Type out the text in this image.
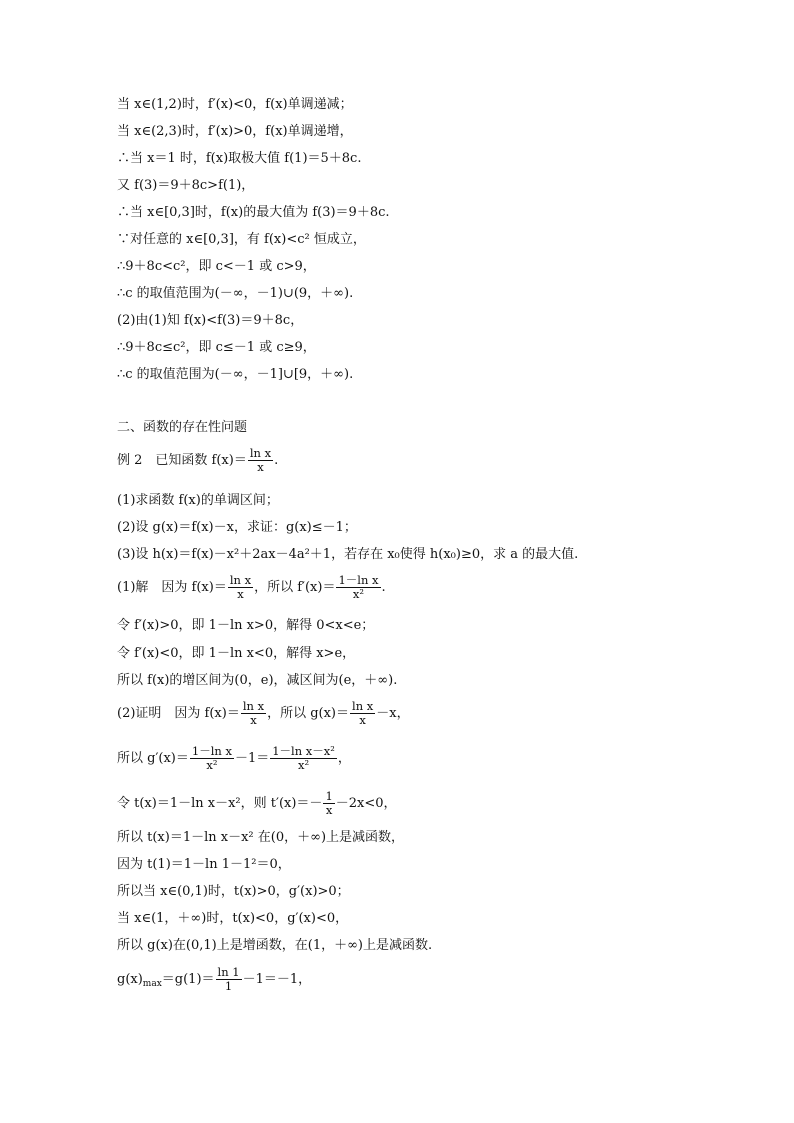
当 x∈(1,2)时，f′(x)<0，f(x)单调递减；
当 x∈(2,3)时，f′(x)>0，f(x)单调递增，
∴当 x＝1 时，f(x)取极大值 f(1)＝5＋8c.
又 f(3)＝9＋8c>f(1)，
∴当 x∈[0,3]时，f(x)的最大值为 f(3)＝9＋8c.
∵对任意的 x∈[0,3]，有 f(x)<c² 恒成立，
∴9＋8c<c²，即 c<－1 或 c>9，
∴c 的取值范围为(－∞，－1)∪(9，＋∞).
(2)由(1)知 f(x)<f(3)＝9＋8c，
∴9＋8c≤c²，即 c≤－1 或 c≥9，
∴c 的取值范围为(－∞，－1]∪[9，＋∞).
二、函数的存在性问题
例 2　已知函数 $f(x)= \frac{\text{ln x}}{x}$ .
(1)求函数 f(x)的单调区间；
(2)设 g(x)＝f(x)－x，求证：g(x)≤－1；
(3)设 h(x)＝f(x)－x²＋2ax－4a²＋1，若存在 x₀使得 h(x₀)≥0，求 a 的最大值.
(1)解　因为 $f(x)= \frac{\text{ln x}}{x}$ ，所以 $f'(x)= \frac{\text{1－ln x}}{\text{x²}}$ .
令 f′(x)>0，即 1－ln x>0，解得 0<x<e；
令 f′(x)<0，即 1－ln x<0，解得 x>e，
所以 f(x)的增区间为(0，e)，减区间为(e，＋∞).
(2)证明　因为 $f(x)= \frac{\text{ln x}}{x}$ ，所以 $g(x)= \frac{\text{ln x}}{x} -x$，
所以 $g'(x)= \frac{\text{1－ln x}}{\text{x²}} -1= \frac{\text{1－ln x－x²}}{\text{x²}}$ ，
令 t(x)＝1－ln x－x²，则 $t'(x)=- \frac{1}{x} -2x<0$，
所以 t(x)＝1－ln x－x² 在(0，＋∞)上是减函数，
因为 t(1)＝1－ln 1－1²＝0，
所以当 x∈(0,1)时，t(x)>0，g′(x)>0；
当 x∈(1，＋∞)时，t(x)<0，g′(x)<0，
所以 g(x)在(0,1)上是增函数，在(1，＋∞)上是减函数.
$g(x)_{max}=g(1)= \frac{\ln 1}{1} -1=-1$，
